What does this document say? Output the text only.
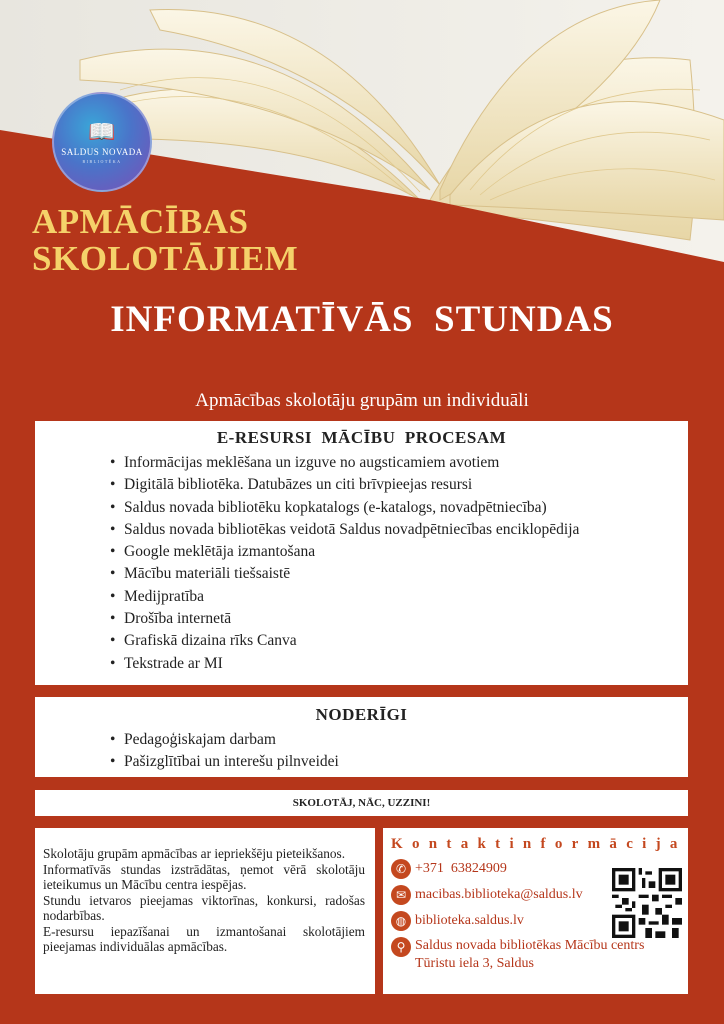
📖
SALDUS NOVADA
BIBLIOTĒKA
APMĀCĪBAS
SKOLOTĀJIEM
INFORMATĪVĀS  STUNDAS
Apmācības skolotāju grupām un individuāli
E-RESURSI  MĀCĪBU  PROCESAM
• Informācijas meklēšana un izguve no augsticamiem avotiem
• Digitālā bibliotēka. Datubāzes un citi brīvpieejas resursi
• Saldus novada bibliotēku kopkatalogs (e-katalogs, novadpētniecība)
• Saldus novada bibliotēkas veidotā Saldus novadpētniecības enciklopēdija
• Google meklētāja izmantošana
• Mācību materiāli tiešsaistē
• Medijpratība
• Drošība internetā
• Grafiskā dizaina rīks Canva
• Tekstrade ar MI
NODERĪGI
• Pedagoģiskajam darbam
• Pašizglītībai un interešu pilnveidei
SKOLOTĀJ, NĀC, UZZINI!

Skolotāju grupām apmācības ar iepriekšēju pieteikšanos.

Informatīvās stundas izstrādātas, ņemot vērā skolotāju ieteikumus un Mācību centra iespējas.

Stundu ietvaros pieejamas viktorīnas, konkursi, radošas nodarbības.

E-resursu iepazīšanai un izmantošanai skolotājiem pieejamas individuālas apmācības.

Kontaktinformācija
✆ +371  63824909
✉ macibas.biblioteka@saldus.lv
◍ biblioteka.saldus.lv
⚲ Saldus novada bibliotēkas Mācību centrs
Tūristu iela 3, Saldus
